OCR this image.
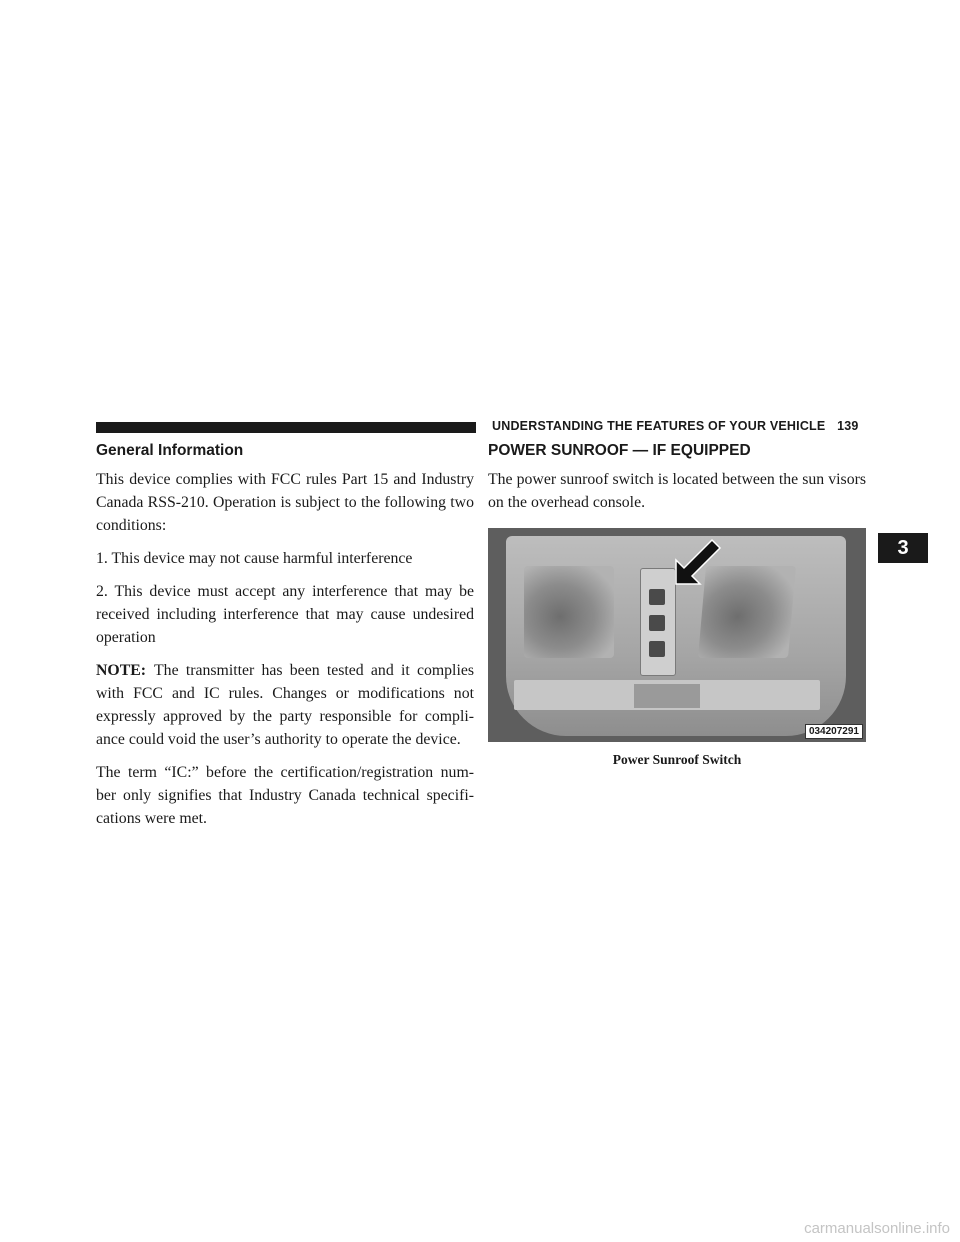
UNDERSTANDING THE FEATURES OF YOUR VEHICLE 139
General Information

This device complies with FCC rules Part 15 and Industry Canada RSS-210. Operation is subject to the following two conditions:

1. This device may not cause harmful interference

2. This device must accept any interference that may be received including interference that may cause undesired operation

NOTE: The transmitter has been tested and it complies with FCC and IC rules. Changes or modifications not expressly approved by the party responsible for compli- ance could void the user’s authority to operate the device.

The term “IC:” before the certification/registration num- ber only signifies that Industry Canada technical specifi- cations were met.

POWER SUNROOF — IF EQUIPPED

The power sunroof switch is located between the sun visors on the overhead console.

034207291
Power Sunroof Switch
3
carmanualsonline.info
